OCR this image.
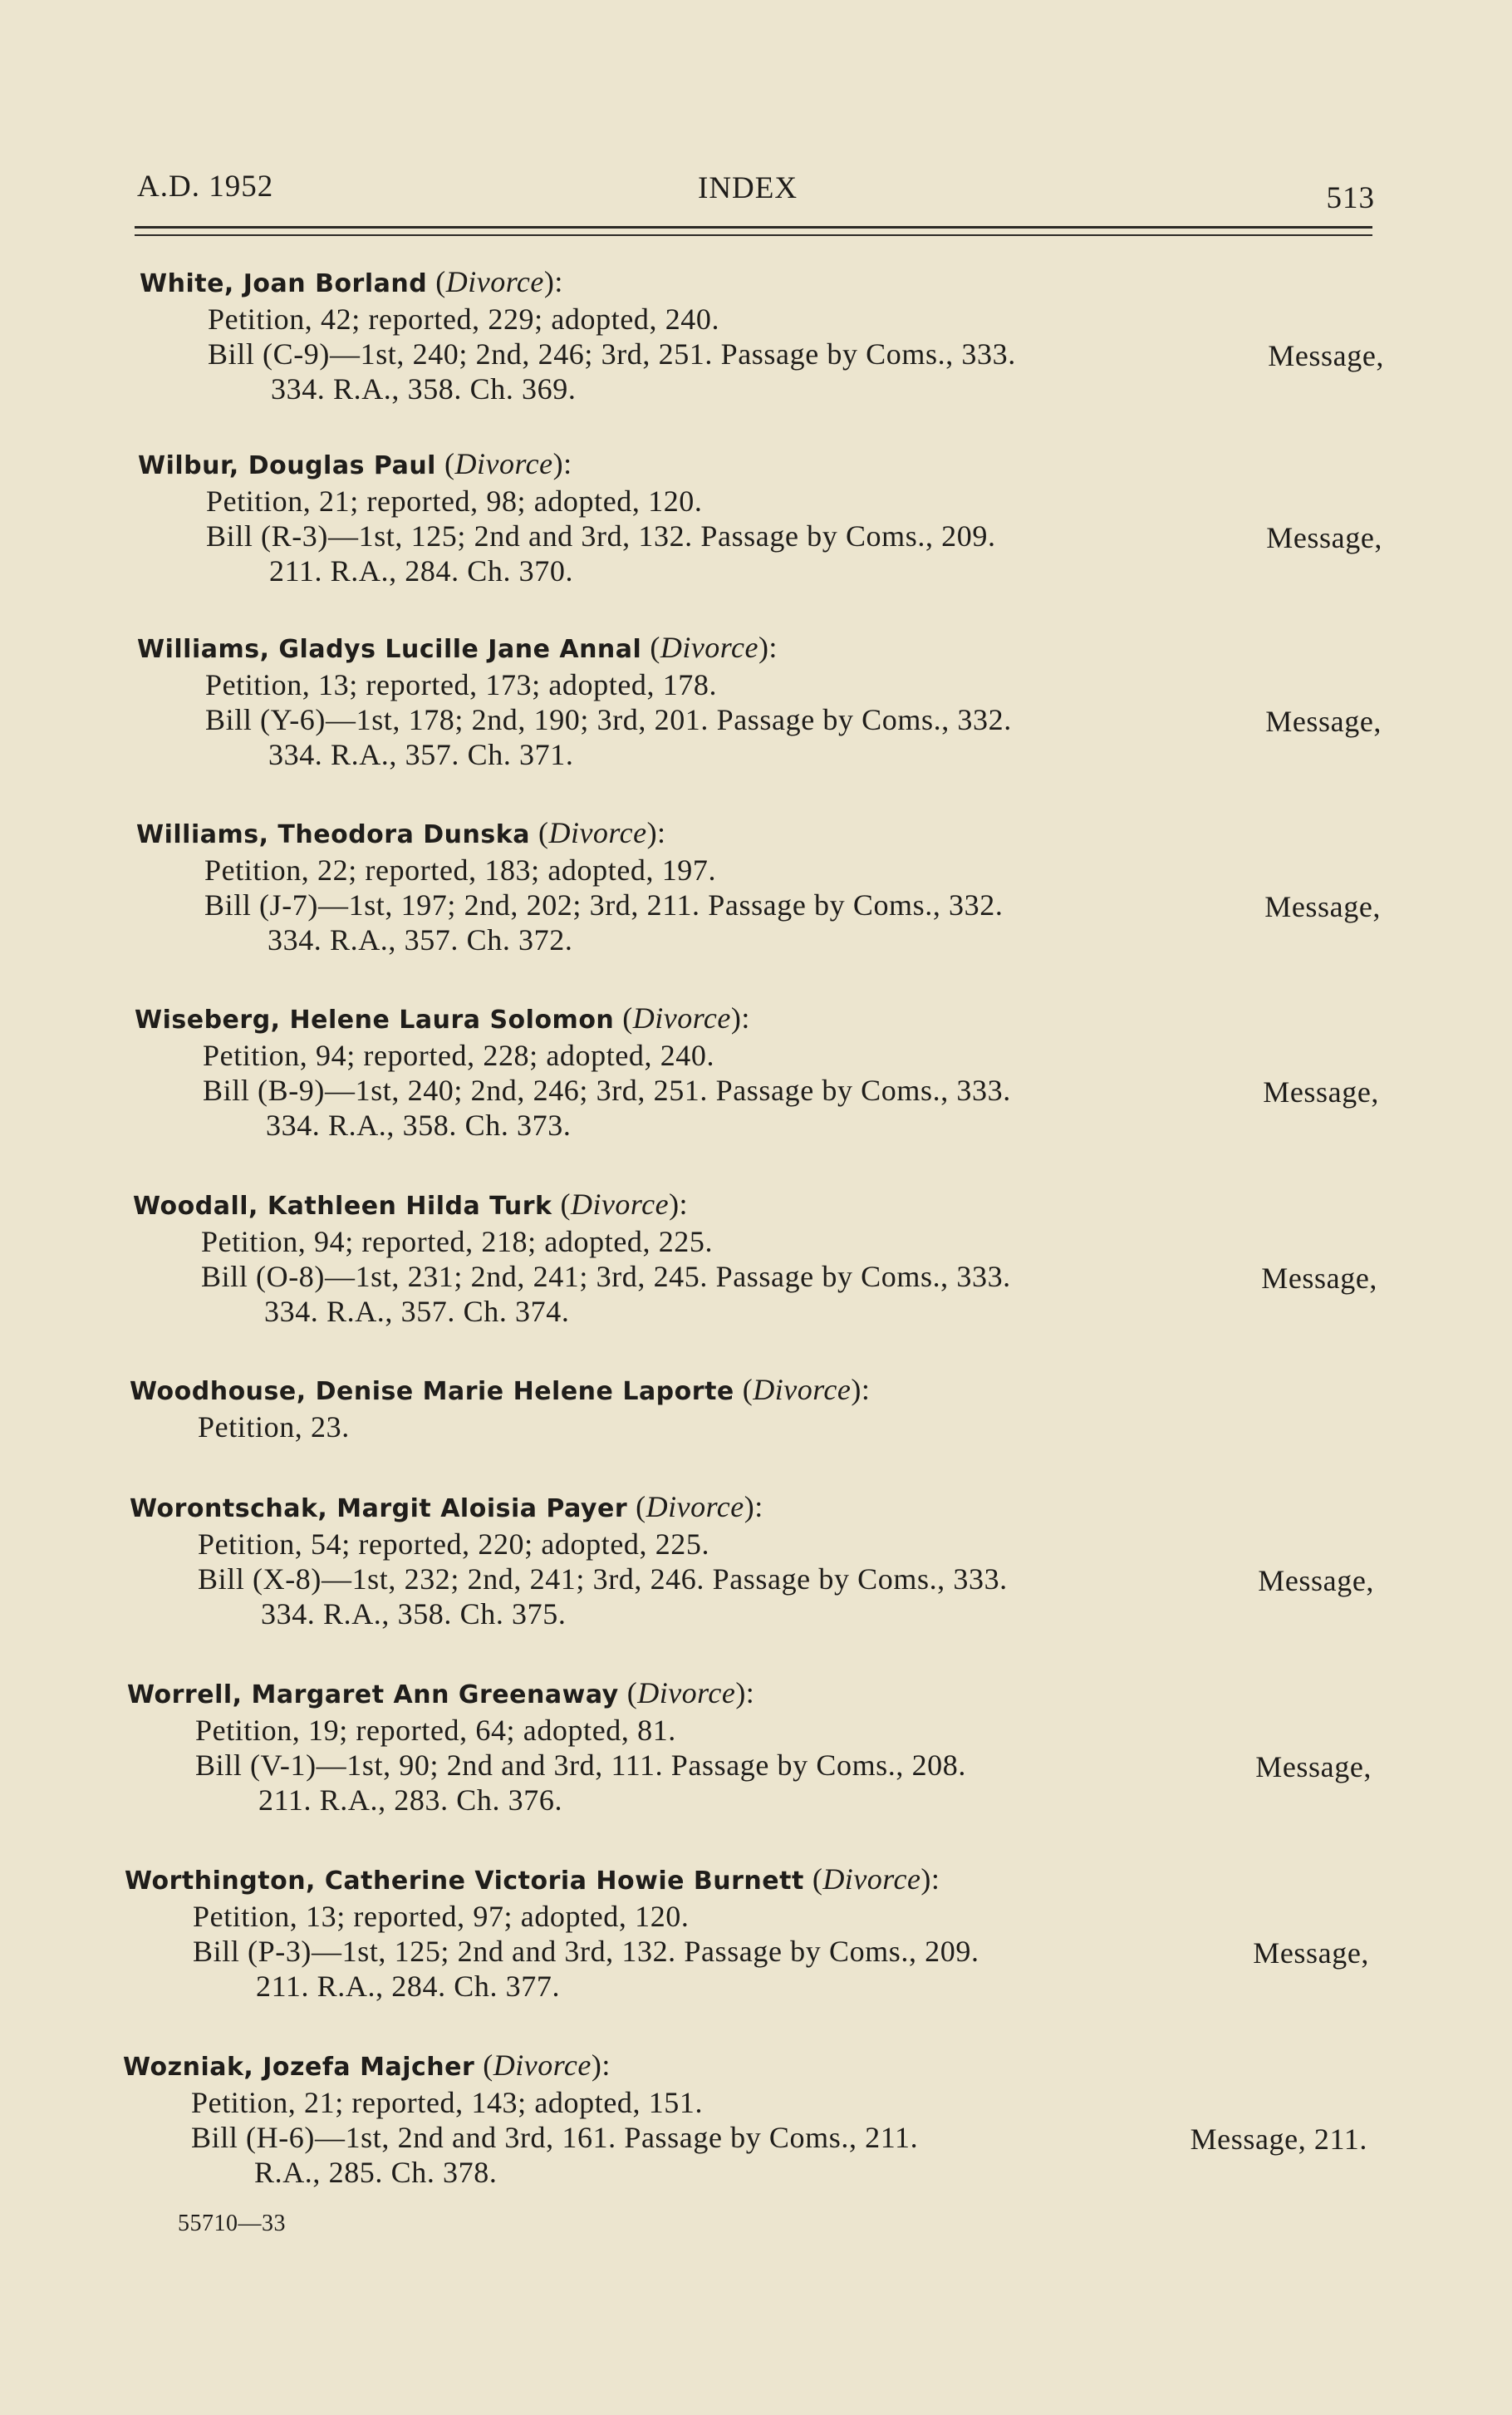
A.D. 1952	INDEX	513
White, Joan Borland (Divorce):
Petition, 42; reported, 229; adopted, 240.
Bill (C-9)—1st, 240; 2nd, 246; 3rd, 251. Passage by Coms., 333.	Message,
334. R.A., 358. Ch. 369.
Wilbur, Douglas Paul (Divorce):
Petition, 21; reported, 98; adopted, 120.
Bill (R-3)—1st, 125; 2nd and 3rd, 132. Passage by Coms., 209.	Message,
211. R.A., 284. Ch. 370.
Williams, Gladys Lucille Jane Annal (Divorce):
Petition, 13; reported, 173; adopted, 178.
Bill (Y-6)—1st, 178; 2nd, 190; 3rd, 201. Passage by Coms., 332.	Message,
334. R.A., 357. Ch. 371.
Williams, Theodora Dunska (Divorce):
Petition, 22; reported, 183; adopted, 197.
Bill (J-7)—1st, 197; 2nd, 202; 3rd, 211. Passage by Coms., 332.	Message,
334. R.A., 357. Ch. 372.
Wiseberg, Helene Laura Solomon (Divorce):
Petition, 94; reported, 228; adopted, 240.
Bill (B-9)—1st, 240; 2nd, 246; 3rd, 251. Passage by Coms., 333.	Message,
334. R.A., 358. Ch. 373.
Woodall, Kathleen Hilda Turk (Divorce):
Petition, 94; reported, 218; adopted, 225.
Bill (O-8)—1st, 231; 2nd, 241; 3rd, 245. Passage by Coms., 333.	Message,
334. R.A., 357. Ch. 374.
Woodhouse, Denise Marie Helene Laporte (Divorce):
Petition, 23.
Worontschak, Margit Aloisia Payer (Divorce):
Petition, 54; reported, 220; adopted, 225.
Bill (X-8)—1st, 232; 2nd, 241; 3rd, 246. Passage by Coms., 333.	Message,
334. R.A., 358. Ch. 375.
Worrell, Margaret Ann Greenaway (Divorce):
Petition, 19; reported, 64; adopted, 81.
Bill (V-1)—1st, 90; 2nd and 3rd, 111. Passage by Coms., 208.	Message,
211. R.A., 283. Ch. 376.
Worthington, Catherine Victoria Howie Burnett (Divorce):
Petition, 13; reported, 97; adopted, 120.
Bill (P-3)—1st, 125; 2nd and 3rd, 132. Passage by Coms., 209.	Message,
211. R.A., 284. Ch. 377.
Wozniak, Jozefa Majcher (Divorce):
Petition, 21; reported, 143; adopted, 151.
Bill (H-6)—1st, 2nd and 3rd, 161. Passage by Coms., 211.	Message, 211.
R.A., 285. Ch. 378.
55710—33
